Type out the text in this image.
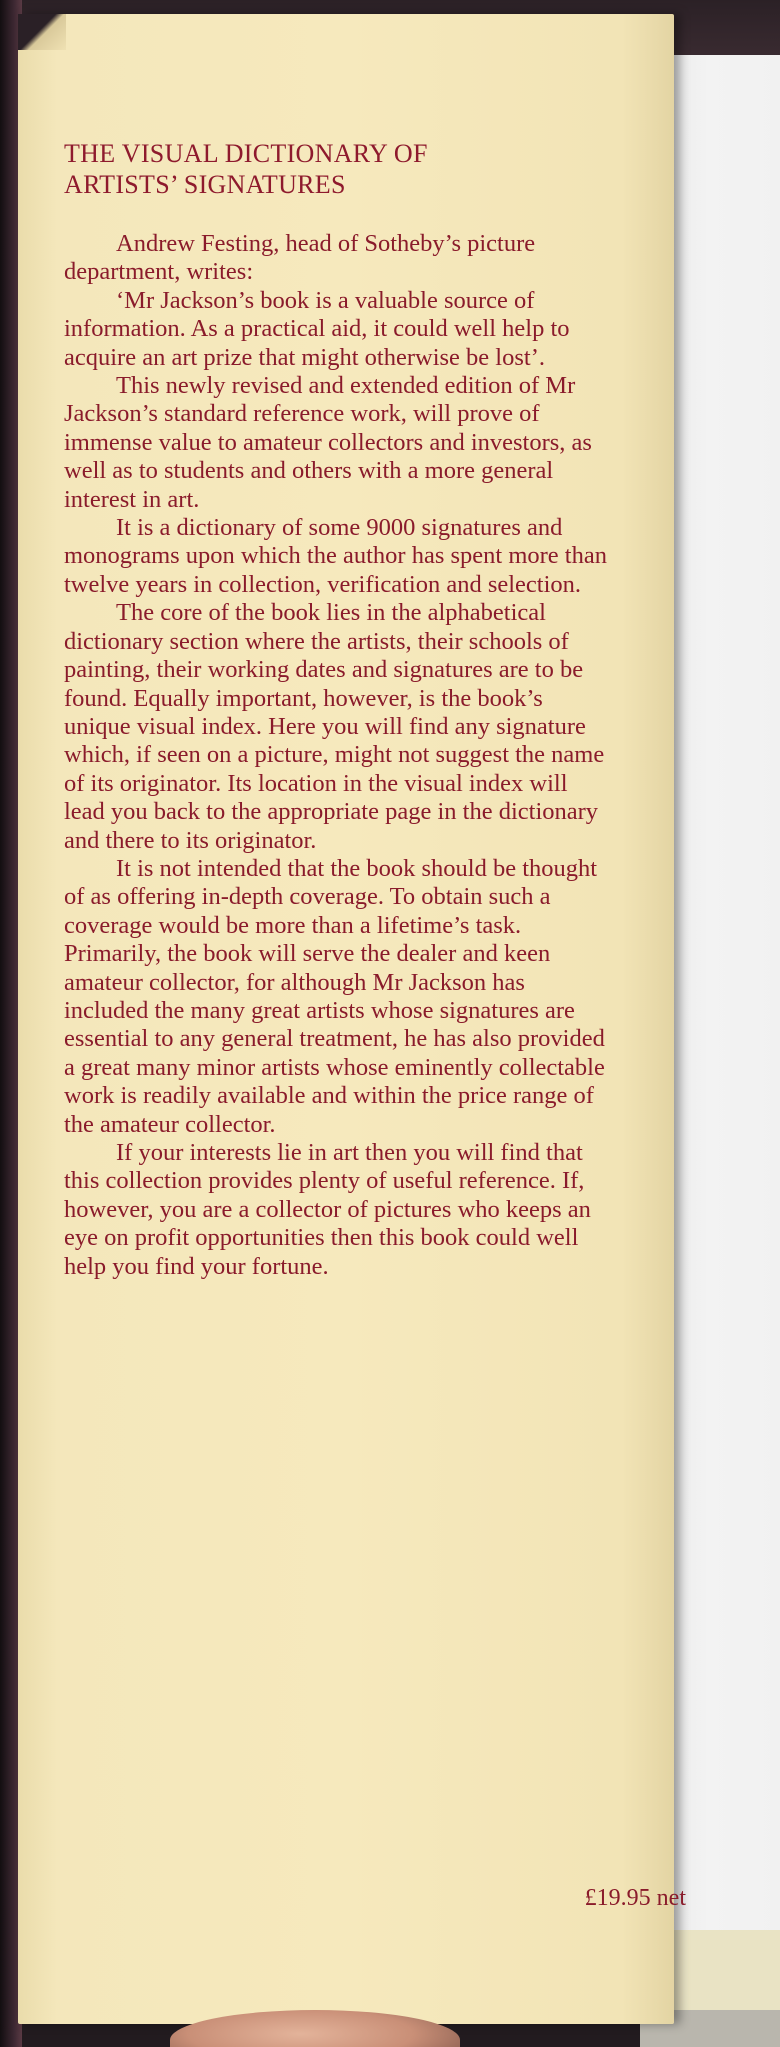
THE VISUAL DICTIONARY OF
ARTISTS’ SIGNATURES

Andrew Festing, head of Sotheby’s picture department, writes:

‘Mr Jackson’s book is a valuable source of information. As a practical aid, it could well help to acquire an art prize that might otherwise be lost’.

This newly revised and extended edition of Mr Jackson’s standard reference work, will prove of immense value to amateur collectors and investors, as well as to students and others with a more general interest in art.

It is a dictionary of some 9000 signatures and monograms upon which the author has spent more than twelve years in collection, verification and selection.

The core of the book lies in the alphabetical dictionary section where the artists, their schools of painting, their working dates and signatures are to be found. Equally important, however, is the book’s unique visual index. Here you will find any signature which, if seen on a picture, might not suggest the name of its originator. Its location in the visual index will lead you back to the appropriate page in the dictionary and there to its originator.

It is not intended that the book should be thought of as offering in-depth coverage. To obtain such a coverage would be more than a lifetime’s task. Primarily, the book will serve the dealer and keen amateur collector, for although Mr Jackson has included the many great artists whose signatures are essential to any general treatment, he has also provided a great many minor artists whose eminently collectable work is readily available and within the price range of the amateur collector.

If your interests lie in art then you will find that this collection provides plenty of useful reference. If, however, you are a collector of pictures who keeps an eye on profit opportunities then this book could well help you find your fortune.

£19.95 net
